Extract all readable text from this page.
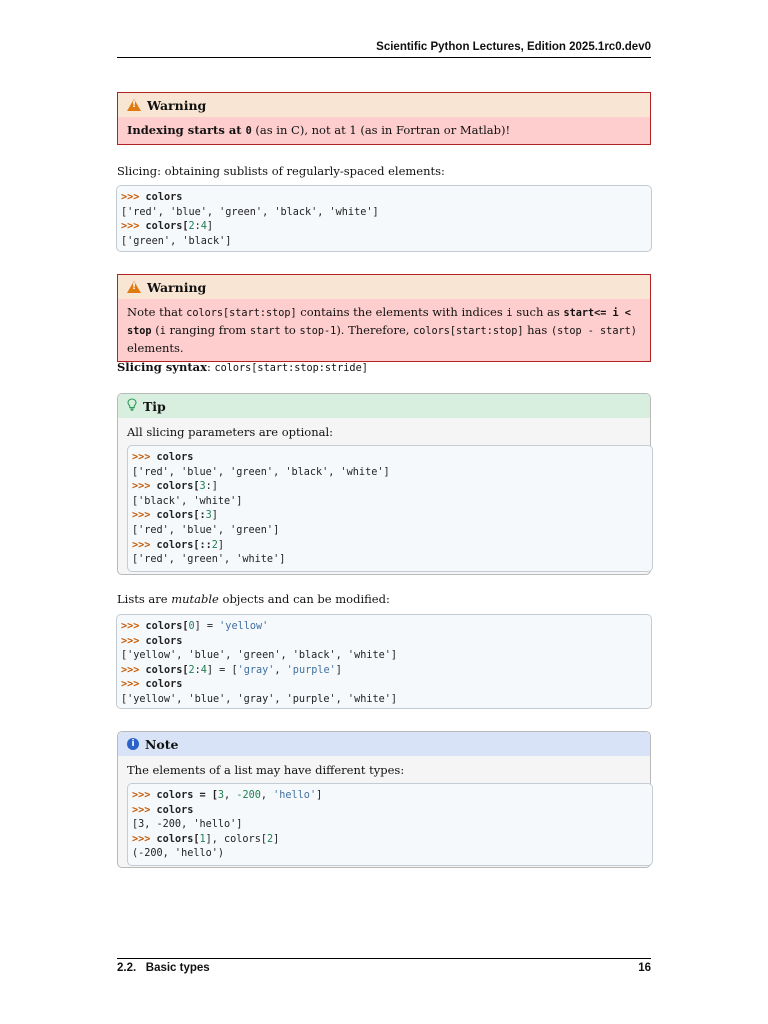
Scientific Python Lectures, Edition 2025.1rc0.dev0
!
Warning
Indexing starts at 0 (as in C), not at 1 (as in Fortran or Matlab)!
Slicing: obtaining sublists of regularly-spaced elements:
>>> colors
['red', 'blue', 'green', 'black', 'white']
>>> colors[2:4]
['green', 'black']
!
Warning
Note that colors[start:stop] contains the elements with indices i such as start<= i < stop (i ranging from start to stop-1). Therefore, colors[start:stop] has (stop - start) elements.
Slicing syntax: colors[start:stop:stride]
Tip
All slicing parameters are optional:
>>> colors
['red', 'blue', 'green', 'black', 'white']
>>> colors[3:]
['black', 'white']
>>> colors[:3]
['red', 'blue', 'green']
>>> colors[::2]
['red', 'green', 'white']
Lists are mutable objects and can be modified:
>>> colors[0] = 'yellow'
>>> colors
['yellow', 'blue', 'green', 'black', 'white']
>>> colors[2:4] = ['gray', 'purple']
>>> colors
['yellow', 'blue', 'gray', 'purple', 'white']
i Note
The elements of a list may have different types:
>>> colors = [3, -200, 'hello']
>>> colors
[3, -200, 'hello']
>>> colors[1], colors[2]
(-200, 'hello')
2.2.   Basic types	16
